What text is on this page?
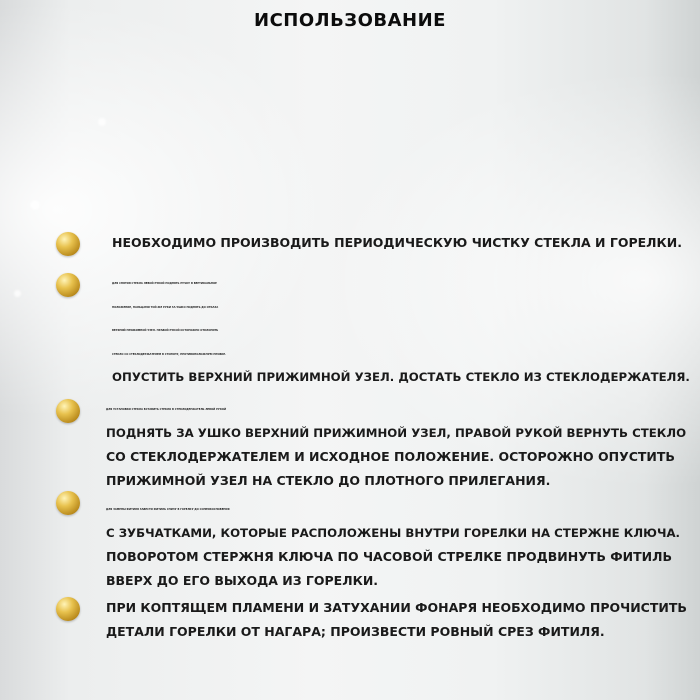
ИСПОЛЬЗОВАНИЕ
НЕОБХОДИМО ПРОИЗВОДИТЬ ПЕРИОДИЧЕСКУЮ ЧИСТКУ СТЕКЛА И ГОРЕЛКИ.
ДЛЯ СНЯТИЯ СТЕКЛА ЛЕВОЙ РУКОЙ ПОДНЯТЬ РУЧКУ В ВЕРТИКАЛЬНОЕ
ПОЛОЖЕНИЕ, ПАЛЬЦАМИ ТОЙ ЖЕ РУКИ ЗА УШКО ПОДНЯТЬ ДО ОТКАЗА
ВЕРХНИЙ ПРИЖИМНОЙ УЗЕЛ. ПРАВОЙ РУКОЙ ОСТОРОЖНО ОТКЛОНИТЬ
СТЕКЛО СО СТЕКЛОДЕРЖАТЕЛЕМ В СТОРОНУ, ПРОТИВОПОЛОЖНУЮ ПРОБКЕ.
ОПУСТИТЬ ВЕРХНИЙ ПРИЖИМНОЙ УЗЕЛ. ДОСТАТЬ СТЕКЛО ИЗ СТЕКЛОДЕРЖАТЕЛЯ.
ДЛЯ УСТАНОВКИ СТЕКЛА ВСТАВИТЬ СТЕКЛО В СТЕКЛОДЕРЖАТЕЛЬ ЛЕВОЙ РУКОЙ
ПОДНЯТЬ ЗА УШКО ВЕРХНИЙ ПРИЖИМНОЙ УЗЕЛ, ПРАВОЙ РУКОЙ ВЕРНУТЬ СТЕКЛО
СО СТЕКЛОДЕРЖАТЕЛЕМ И ИСХОДНОЕ ПОЛОЖЕНИЕ. ОСТОРОЖНО ОПУСТИТЬ
ПРИЖИМНОЙ УЗЕЛ НА СТЕКЛО ДО ПЛОТНОГО ПРИЛЕГАНИЯ.
ДЛЯ ЗАМЕНЫ ФИТИЛЯ ЗАВЕСТИ ФИТИЛЬ СНИЗУ В ГОРЕЛКУ ДО СОПРИКОСНОВЕНИЯ
С ЗУБЧАТКАМИ, КОТОРЫЕ РАСПОЛОЖЕНЫ ВНУТРИ ГОРЕЛКИ НА СТЕРЖНЕ КЛЮЧА.
ПОВОРОТОМ СТЕРЖНЯ КЛЮЧА ПО ЧАСОВОЙ СТРЕЛКЕ ПРОДВИНУТЬ ФИТИЛЬ
ВВЕРХ ДО ЕГО ВЫХОДА ИЗ ГОРЕЛКИ.
ПРИ КОПТЯЩЕМ ПЛАМЕНИ И ЗАТУХАНИИ ФОНАРЯ НЕОБХОДИМО ПРОЧИСТИТЬ
ДЕТАЛИ ГОРЕЛКИ ОТ НАГАРА; ПРОИЗВЕСТИ РОВНЫЙ СРЕЗ ФИТИЛЯ.
